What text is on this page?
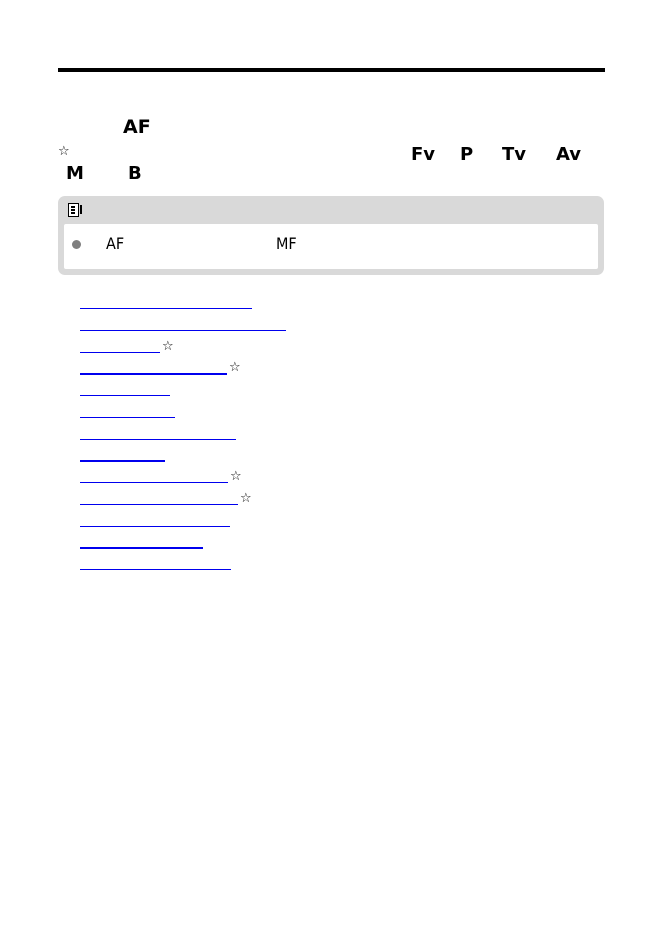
AF
☆	Fv P Tv Av
M B
AF	MF
☆
☆
☆
☆
